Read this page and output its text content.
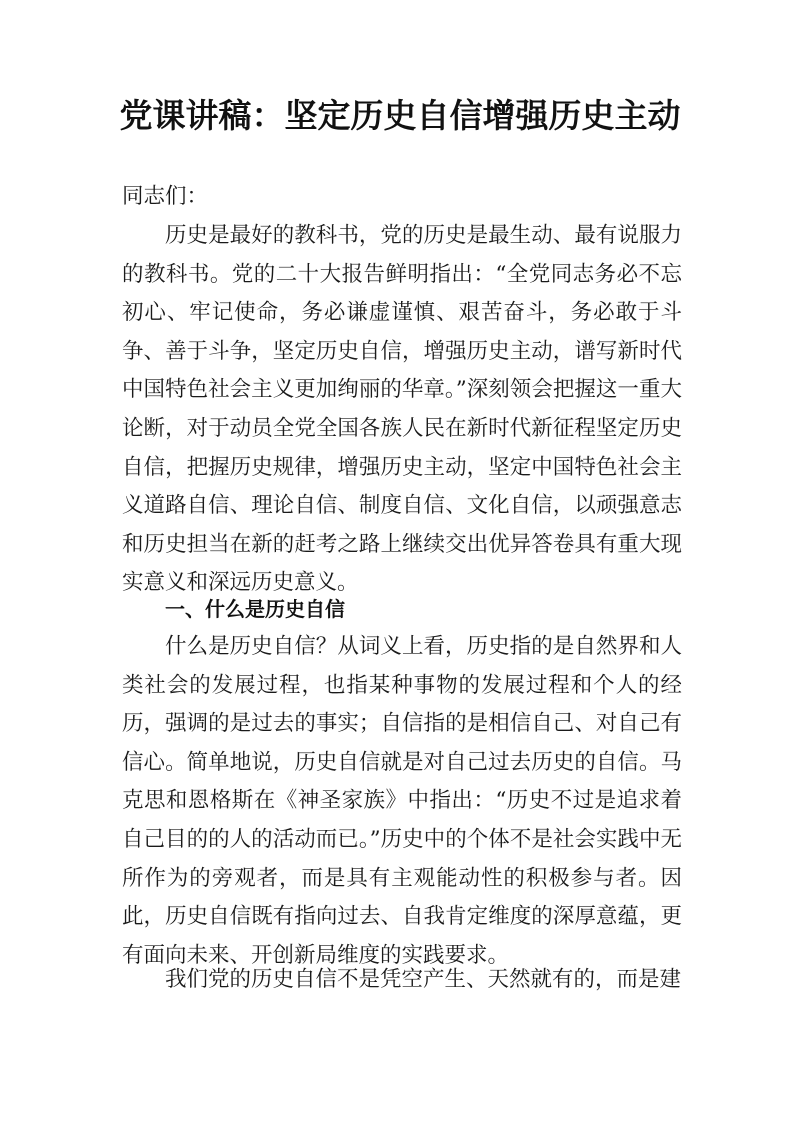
党课讲稿：坚定历史自信增强历史主动
同志们：

历史是最好的教科书，党的历史是最生动、最有说服力的教科书。党的二十大报告鲜明指出：“全党同志务必不忘初心、牢记使命，务必谦虚谨慎、艰苦奋斗，务必敢于斗争、善于斗争，坚定历史自信，增强历史主动，谱写新时代中国特色社会主义更加绚丽的华章。”深刻领会把握这一重大论断，对于动员全党全国各族人民在新时代新征程坚定历史自信，把握历史规律，增强历史主动，坚定中国特色社会主义道路自信、理论自信、制度自信、文化自信，以顽强意志和历史担当在新的赶考之路上继续交出优异答卷具有重大现实意义和深远历史意义。

一、什么是历史自信

什么是历史自信？从词义上看，历史指的是自然界和人类社会的发展过程，也指某种事物的发展过程和个人的经历，强调的是过去的事实；自信指的是相信自己、对自己有信心。简单地说，历史自信就是对自己过去历史的自信。马克思和恩格斯在《神圣家族》中指出：“历史不过是追求着自己目的的人的活动而已。”历史中的个体不是社会实践中无所作为的旁观者，而是具有主观能动性的积极参与者。因此，历史自信既有指向过去、自我肯定维度的深厚意蕴，更有面向未来、开创新局维度的实践要求。

我们党的历史自信不是凭空产生、天然就有的，而是建
